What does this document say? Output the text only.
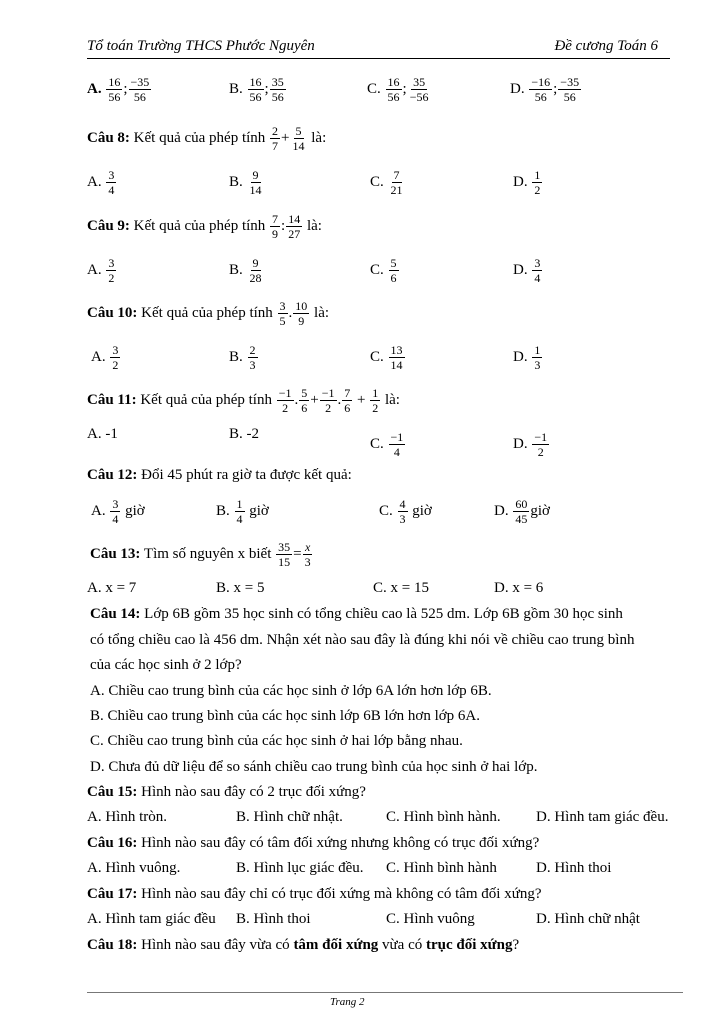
Tổ toán Trường THCS Phước Nguyên	Đề cương Toán 6
A. $\frac{16}{56}$ ; $\frac{-35}{56}$	B. $\frac{16}{56}$ ; $\frac{35}{56}$	C. $\frac{16}{56}$ ; $\frac{35}{-56}$	D. $\frac{-16}{56}$ ; $\frac{-35}{56}$
Câu 8: Kết quả của phép tính $\frac{2}{7} + \frac{5}{14}$ là:
A. $\frac{3}{4}$	B. $\frac{9}{14}$	C. $\frac{7}{21}$	D. $\frac{1}{2}$
Câu 9: Kết quả của phép tính $\frac{7}{9}$ : $\frac{14}{27}$ là:
A. $\frac{3}{2}$	B. $\frac{9}{28}$	C. $\frac{5}{6}$	D. $\frac{3}{4}$
Câu 10: Kết quả của phép tính $\frac{3}{5}$ . $\frac{10}{9}$ là:
A. $\frac{3}{2}$	B. $\frac{2}{3}$	C. $\frac{13}{14}$	D. $\frac{1}{3}$
Câu 11: Kết quả của phép tính $\frac{-1}{2}$ . $\frac{5}{6} + \frac{-1}{2}$ . $\frac{7}{6} + \frac{1}{2}$ là:
A. -1	B. -2
C. $\frac{-1}{4}$	D. $\frac{-1}{2}$
Câu 12: Đổi 45 phút ra giờ ta được kết quả:
A. $\frac{3}{4}$ giờ	B. $\frac{1}{4}$ giờ	C. $\frac{4}{3}$ giờ	D. $\frac{60}{45}$ giờ
Câu 13: Tìm số nguyên x biết $\frac{35}{15} = \frac{x}{3}$
A. x = 7	B. x = 5	C. x = 15	D. x = 6
Câu 14: Lớp 6B gồm 35 học sinh có tổng chiều cao là 525 dm. Lớp 6B gồm 30 học sinh
có tổng chiều cao là 456 dm. Nhận xét nào sau đây là đúng khi nói về chiều cao trung bình
của các học sinh ở 2 lớp?
A. Chiều cao trung bình của các học sinh ở lớp 6A lớn hơn lớp 6B.
B. Chiều cao trung bình của các học sinh lớp 6B lớn hơn lớp 6A.
C. Chiều cao trung bình của các học sinh ở hai lớp bằng nhau.
D. Chưa đủ dữ liệu để so sánh chiều cao trung bình của học sinh ở hai lớp.
Câu 15: Hình nào sau đây có 2 trục đối xứng?
A. Hình tròn.	B. Hình chữ nhật.	C. Hình bình hành. D. Hình tam giác đều.
Câu 16: Hình nào sau đây có tâm đối xứng nhưng không có trục đối xứng?
A. Hình vuông.	B. Hình lục giác đều. C. Hình bình hành	D. Hình thoi
Câu 17: Hình nào sau đây chỉ có trục đối xứng mà không có tâm đối xứng?
A. Hình tam giác đều B. Hình thoi	C. Hình vuông	D. Hình chữ nhật
Câu 18: Hình nào sau đây vừa có tâm đối xứng vừa có trục đối xứng?
Trang 2
